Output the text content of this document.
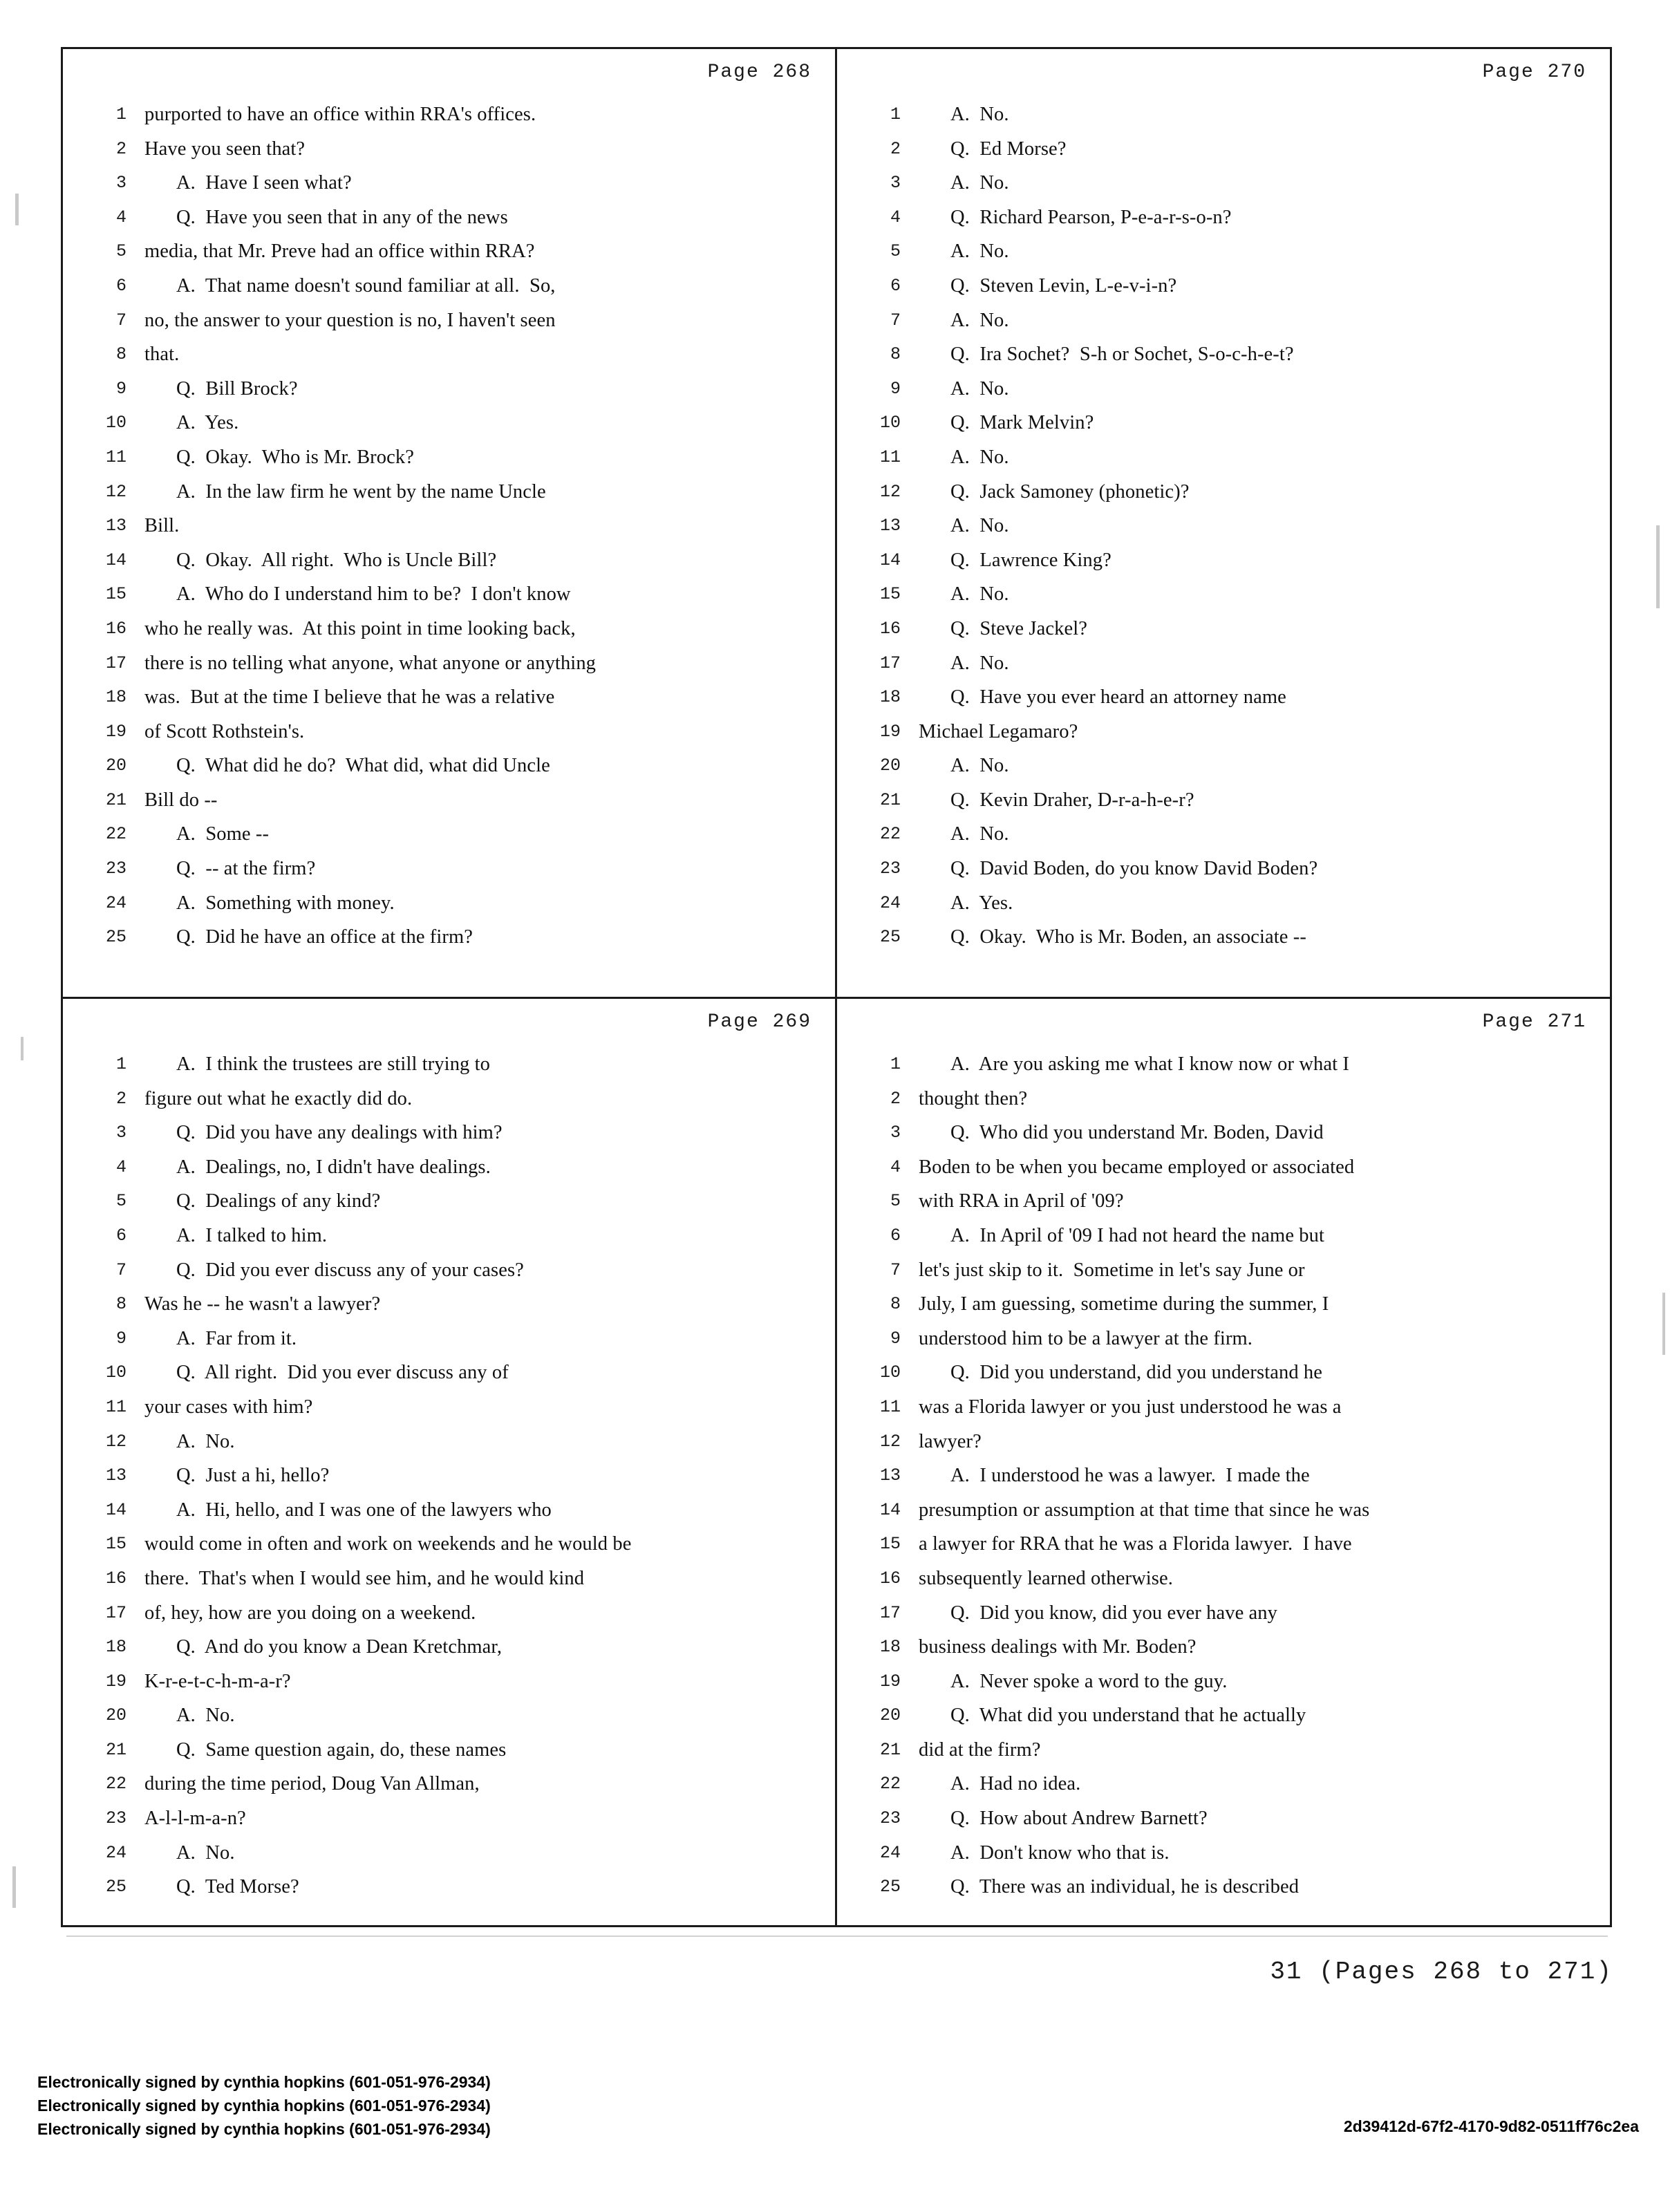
Page 268
1 purported to have an office within RRA's offices.
2 Have you seen that?
3	A.  Have I seen what?
4	Q.  Have you seen that in any of the news
5 media, that Mr. Preve had an office within RRA?
6	A.  That name doesn't sound familiar at all.  So,
7 no, the answer to your question is no, I haven't seen
8 that.
9	Q.  Bill Brock?
10	A.  Yes.
11	Q.  Okay.  Who is Mr. Brock?
12	A.  In the law firm he went by the name Uncle
13 Bill.
14	Q.  Okay.  All right.  Who is Uncle Bill?
15	A.  Who do I understand him to be?  I don't know
16 who he really was.  At this point in time looking back,
17 there is no telling what anyone, what anyone or anything
18 was.  But at the time I believe that he was a relative
19 of Scott Rothstein's.
20	Q.  What did he do?  What did, what did Uncle
21 Bill do --
22	A.  Some --
23	Q.  -- at the firm?
24	A.  Something with money.
25	Q.  Did he have an office at the firm?
Page 270
1	A.  No.
2	Q.  Ed Morse?
3	A.  No.
4	Q.  Richard Pearson, P-e-a-r-s-o-n?
5	A.  No.
6	Q.  Steven Levin, L-e-v-i-n?
7	A.  No.
8	Q.  Ira Sochet?  S-h or Sochet, S-o-c-h-e-t?
9	A.  No.
10	Q.  Mark Melvin?
11	A.  No.
12	Q.  Jack Samoney (phonetic)?
13	A.  No.
14	Q.  Lawrence King?
15	A.  No.
16	Q.  Steve Jackel?
17	A.  No.
18	Q.  Have you ever heard an attorney name
19 Michael Legamaro?
20	A.  No.
21	Q.  Kevin Draher, D-r-a-h-e-r?
22	A.  No.
23	Q.  David Boden, do you know David Boden?
24	A.  Yes.
25	Q.  Okay.  Who is Mr. Boden, an associate --
Page 269
1	A.  I think the trustees are still trying to
2 figure out what he exactly did do.
3	Q.  Did you have any dealings with him?
4	A.  Dealings, no, I didn't have dealings.
5	Q.  Dealings of any kind?
6	A.  I talked to him.
7	Q.  Did you ever discuss any of your cases?
8 Was he -- he wasn't a lawyer?
9	A.  Far from it.
10	Q.  All right.  Did you ever discuss any of
11 your cases with him?
12	A.  No.
13	Q.  Just a hi, hello?
14	A.  Hi, hello, and I was one of the lawyers who
15 would come in often and work on weekends and he would be
16 there.  That's when I would see him, and he would kind
17 of, hey, how are you doing on a weekend.
18	Q.  And do you know a Dean Kretchmar,
19 K-r-e-t-c-h-m-a-r?
20	A.  No.
21	Q.  Same question again, do, these names
22 during the time period, Doug Van Allman,
23 A-l-l-m-a-n?
24	A.  No.
25	Q.  Ted Morse?
Page 271
1	A.  Are you asking me what I know now or what I
2 thought then?
3	Q.  Who did you understand Mr. Boden, David
4 Boden to be when you became employed or associated
5 with RRA in April of '09?
6	A.  In April of '09 I had not heard the name but
7 let's just skip to it.  Sometime in let's say June or
8 July, I am guessing, sometime during the summer, I
9 understood him to be a lawyer at the firm.
10	Q.  Did you understand, did you understand he
11 was a Florida lawyer or you just understood he was a
12 lawyer?
13	A.  I understood he was a lawyer.  I made the
14 presumption or assumption at that time that since he was
15 a lawyer for RRA that he was a Florida lawyer.  I have
16 subsequently learned otherwise.
17	Q.  Did you know, did you ever have any
18 business dealings with Mr. Boden?
19	A.  Never spoke a word to the guy.
20	Q.  What did you understand that he actually
21 did at the firm?
22	A.  Had no idea.
23	Q.  How about Andrew Barnett?
24	A.  Don't know who that is.
25	Q.  There was an individual, he is described
31 (Pages 268 to 271)
Electronically signed by cynthia hopkins (601-051-976-2934)
Electronically signed by cynthia hopkins (601-051-976-2934)
Electronically signed by cynthia hopkins (601-051-976-2934)	2d39412d-67f2-4170-9d82-0511ff76c2ea
